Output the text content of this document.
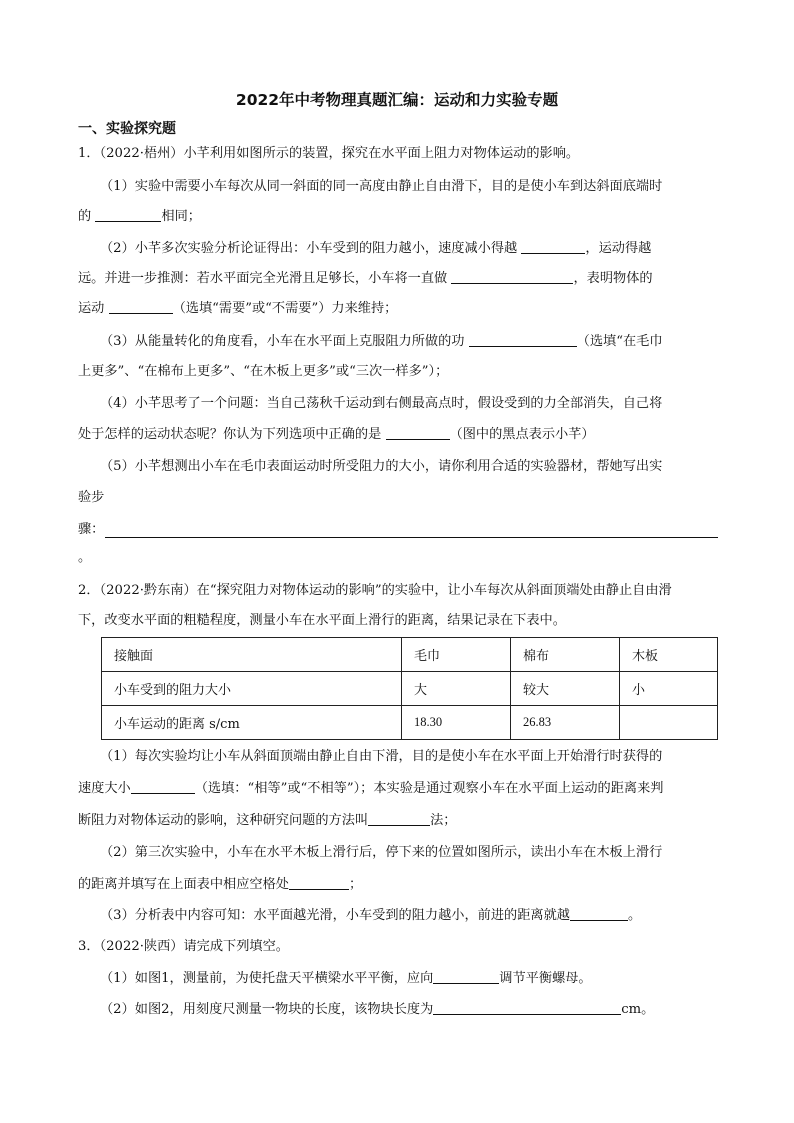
2022年中考物理真题汇编：运动和力实验专题
一、实验探究题
1．（2022·梧州）小芊利用如图所示的装置，探究在水平面上阻力对物体运动的影响。
（1）实验中需要小车每次从同一斜面的同一高度由静止自由滑下，目的是使小车到达斜面底端时
的	相同；
（2）小芊多次实验分析论证得出：小车受到的阻力越小，速度减小得越	，运动得越
远。并进一步推测：若水平面完全光滑且足够长，小车将一直做	，表明物体的
运动	（选填“需要”或“不需要”）力来维持；
（3）从能量转化的角度看，小车在水平面上克服阻力所做的功	（选填“在毛巾
上更多”、“在棉布上更多”、“在木板上更多”或“三次一样多”）；
（4）小芊思考了一个问题：当自己荡秋千运动到右侧最高点时，假设受到的力全部消失，自己将
处于怎样的运动状态呢？你认为下列选项中正确的是	（图中的黑点表示小芊）
（5）小芊想测出小车在毛巾表面运动时所受阻力的大小，请你利用合适的实验器材，帮她写出实
验步
骤：
。
2．（2022·黔东南）在“探究阻力对物体运动的影响”的实验中，让小车每次从斜面顶端处由静止自由滑
下，改变水平面的粗糙程度，测量小车在水平面上滑行的距离，结果记录在下表中。
接触面	毛巾	棉布	木板
小车受到的阻力大小	大	较大	小
小车运动的距离 s/cm	18.30	26.83	
（1）每次实验均让小车从斜面顶端由静止自由下滑，目的是使小车在水平面上开始滑行时获得的
速度大小	（选填：“相等”或“不相等”）；本实验是通过观察小车在水平面上运动的距离来判
断阻力对物体运动的影响，这种研究问题的方法叫	法；
（2）第三次实验中，小车在水平木板上滑行后，停下来的位置如图所示，读出小车在木板上滑行
的距离并填写在上面表中相应空格处	；
（3）分析表中内容可知：水平面越光滑，小车受到的阻力越小，前进的距离就越	。
3．（2022·陕西）请完成下列填空。
（1）如图1，测量前，为使托盘天平横梁水平平衡，应向	调节平衡螺母。
（2）如图2，用刻度尺测量一物块的长度，该物块长度为	cm。
